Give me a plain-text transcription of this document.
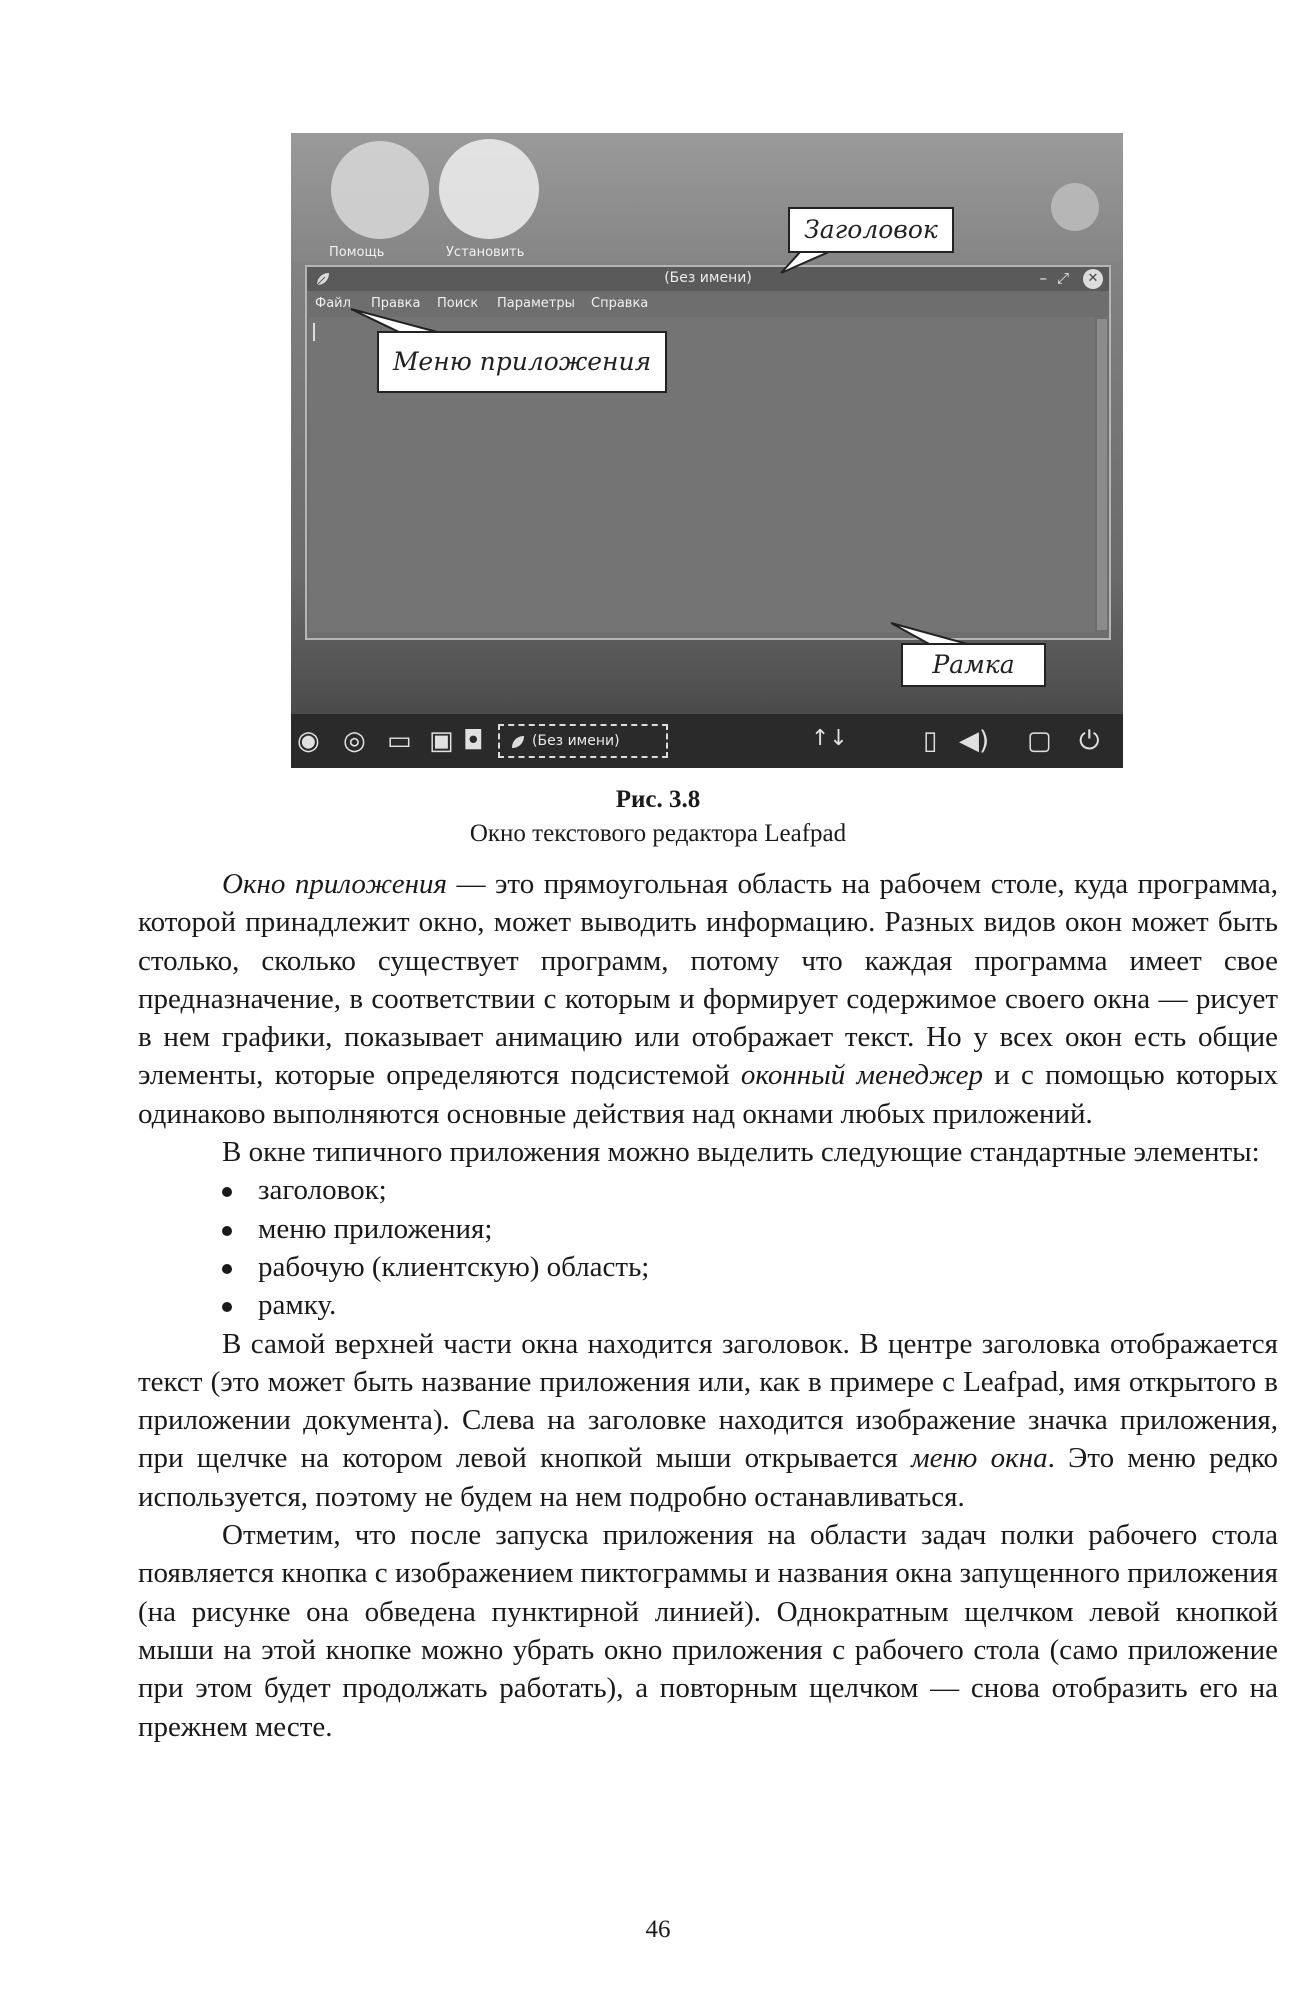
Помощь	Установить
(Без имени)	– ⤢	✕
Файл Правка Поиск Параметры Справка
Заголовок
Меню приложения
Рамка
◉ ◎ ▭ ▣ ◘	(Без имени)	↑↓	▯ ◀) ▢ ⏻
Рис. 3.8
Окно текстового редактора Leafpad

Окно приложения — это прямоугольная область на рабочем столе, куда программа, которой принадлежит окно, может выводить информацию. Разных видов окон может быть столько, сколько существует программ, потому что каждая программа имеет свое предназначение, в соответствии с которым и формирует содержимое своего окна — рисует в нем графики, показывает анимацию или отображает текст. Но у всех окон есть общие элементы, которые определяются подсистемой оконный менеджер и с помощью которых одинаково выполняются основные действия над окнами любых приложений.

В окне типичного приложения можно выделить следующие стандартные элементы:

заголовок;
меню приложения;
рабочую (клиентскую) область;
рамку.

В самой верхней части окна находится заголовок. В центре заголовка отображается текст (это может быть название приложения или, как в примере с Leafpad, имя открытого в приложении документа). Слева на заголовке находится изображение значка приложения, при щелчке на котором левой кнопкой мыши открывается меню окна. Это меню редко используется, поэтому не будем на нем подробно останавливаться.

Отметим, что после запуска приложения на области задач полки рабочего стола появляется кнопка с изображением пиктограммы и названия окна запущенного приложения (на рисунке она обведена пунктирной линией). Однократным щелчком левой кнопкой мыши на этой кнопке можно убрать окно приложения с рабочего стола (само приложение при этом будет продолжать работать), а повторным щелчком — снова отобразить его на прежнем месте.

46
